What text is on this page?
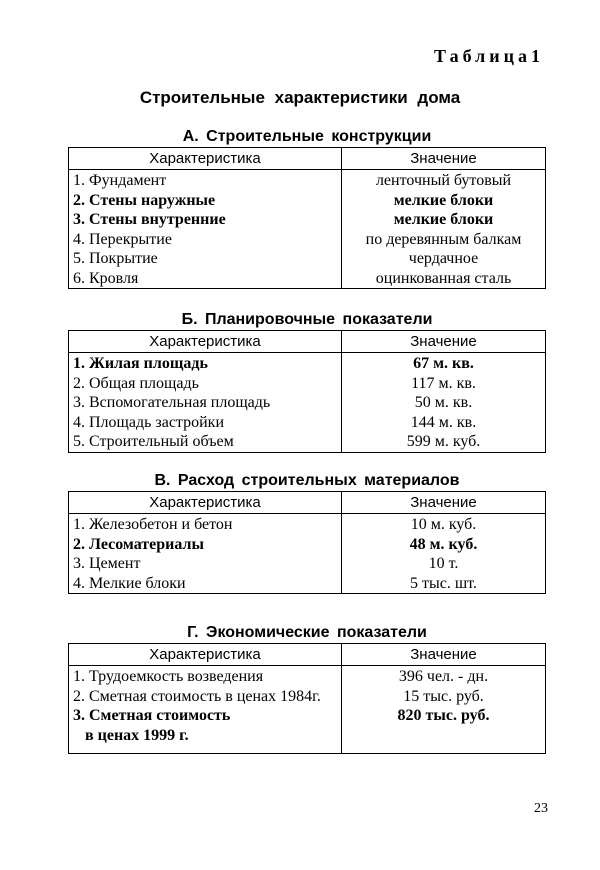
Таблица1
Строительные характеристики дома
А. Строительные конструкции
Характеристика	Значение
1. Фундамент	ленточный бутовый
2. Стены наружные	мелкие блоки
3. Стены внутренние	мелкие блоки
4. Перекрытие	по деревянным балкам
5. Покрытие	чердачное
6. Кровля	оцинкованная сталь
Б. Планировочные показатели
Характеристика	Значение
1. Жилая площадь	67 м. кв.
2. Общая площадь	117 м. кв.
3. Вспомогательная площадь	50 м. кв.
4. Площадь застройки	144 м. кв.
5. Строительный объем	599 м. куб.
В. Расход строительных материалов
Характеристика	Значение
1. Железобетон и бетон	10 м. куб.
2. Лесоматериалы	48 м. куб.
3. Цемент	10 т.
4. Мелкие блоки	5 тыс. шт.
Г. Экономические показатели
Характеристика	Значение
1. Трудоемкость возведения	396 чел. - дн.
2. Сметная стоимость в ценах 1984г.	15 тыс. руб.
3. Сметная стоимость	820 тыс. руб.
в ценах 1999 г.	
23
